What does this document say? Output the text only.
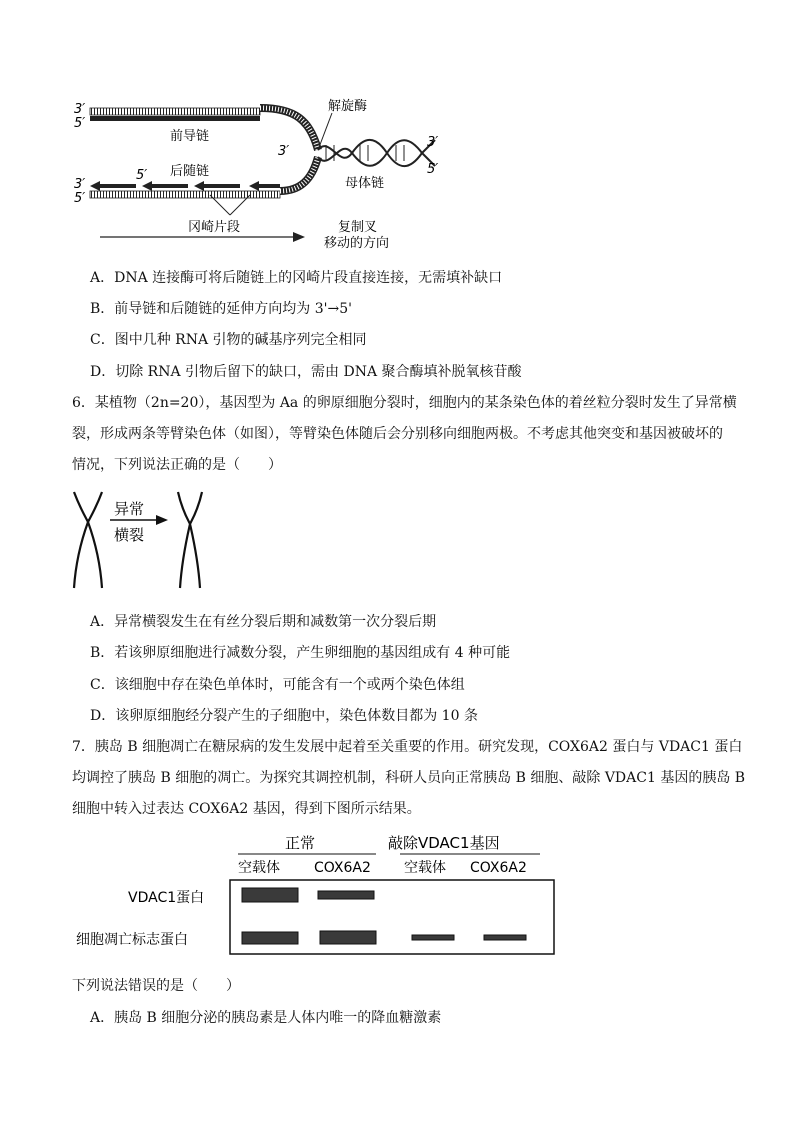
3′
5′
前导链
解旋酶
3′
3′
5′
后随链
5′
母体链
3′
5′
冈崎片段	复制叉
移动的方向
A．DNA 连接酶可将后随链上的冈崎片段直接连接，无需填补缺口
B．前导链和后随链的延伸方向均为 3'→5'
C．图中几种 RNA 引物的碱基序列完全相同
D．切除 RNA 引物后留下的缺口，需由 DNA 聚合酶填补脱氧核苷酸
6．某植物（2n=20），基因型为 Aa 的卵原细胞分裂时，细胞内的某条染色体的着丝粒分裂时发生了异常横
裂，形成两条等臂染色体（如图），等臂染色体随后会分别移向细胞两极。不考虑其他突变和基因被破坏的
情况，下列说法正确的是（　　）
异常
横裂
A．异常横裂发生在有丝分裂后期和减数第一次分裂后期
B．若该卵原细胞进行减数分裂，产生卵细胞的基因组成有 4 种可能
C．该细胞中存在染色单体时，可能含有一个或两个染色体组
D．该卵原细胞经分裂产生的子细胞中，染色体数目都为 10 条
7．胰岛 B 细胞凋亡在糖尿病的发生发展中起着至关重要的作用。研究发现，COX6A2 蛋白与 VDAC1 蛋白
均调控了胰岛 B 细胞的凋亡。为探究其调控机制，科研人员向正常胰岛 B 细胞、敲除 VDAC1 基因的胰岛 B
细胞中转入过表达 COX6A2 基因，得到下图所示结果。
正常	敲除VDAC1基因
空载体 COX6A2 空载体 COX6A2
VDAC1蛋白
细胞凋亡标志蛋白
下列说法错误的是（　　）
A．胰岛 B 细胞分泌的胰岛素是人体内唯一的降血糖激素
